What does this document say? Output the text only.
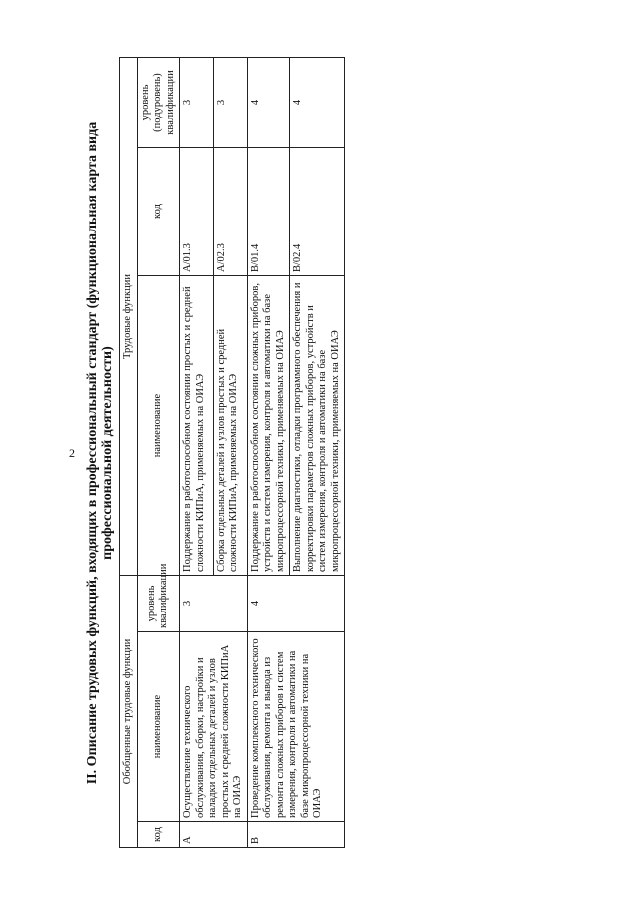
2 II. Описание трудовых функций, входящих в профессиональный стандарт (функциональная карта вида профессиональной деятельности)
Обобщенные трудовые функции			Трудовые функции		
код	наименование	уровень квалификации	наименование	код	уровень (подуровень) квалификации
A	Осуществление технического обслуживания, сборки, настройки и наладки отдельных деталей и узлов простых и средней сложности КИПиА на ОИАЭ	3	Поддержание в работоспособном состоянии простых и средней сложности КИПиА, применяемых на ОИАЭ	A/01.3	3
			Сборка отдельных деталей и узлов простых и средней сложности КИПиА, применяемых на ОИАЭ	A/02.3	3
B	Проведение комплексного технического обслуживания, ремонта и вывода из ремонта сложных приборов и систем измерения, контроля и автоматики на базе микропроцессорной техники на ОИАЭ	4	Поддержание в работоспособном состоянии сложных приборов, устройств и систем измерения, контроля и автоматики на базе микропроцессорной техники, применяемых на ОИАЭ	B/01.4	4
			Выполнение диагностики, отладки программного обеспечения и корректировки параметров сложных приборов, устройств и систем измерения, контроля и автоматики на базе микропроцессорной техники, применяемых на ОИАЭ	B/02.4	4
